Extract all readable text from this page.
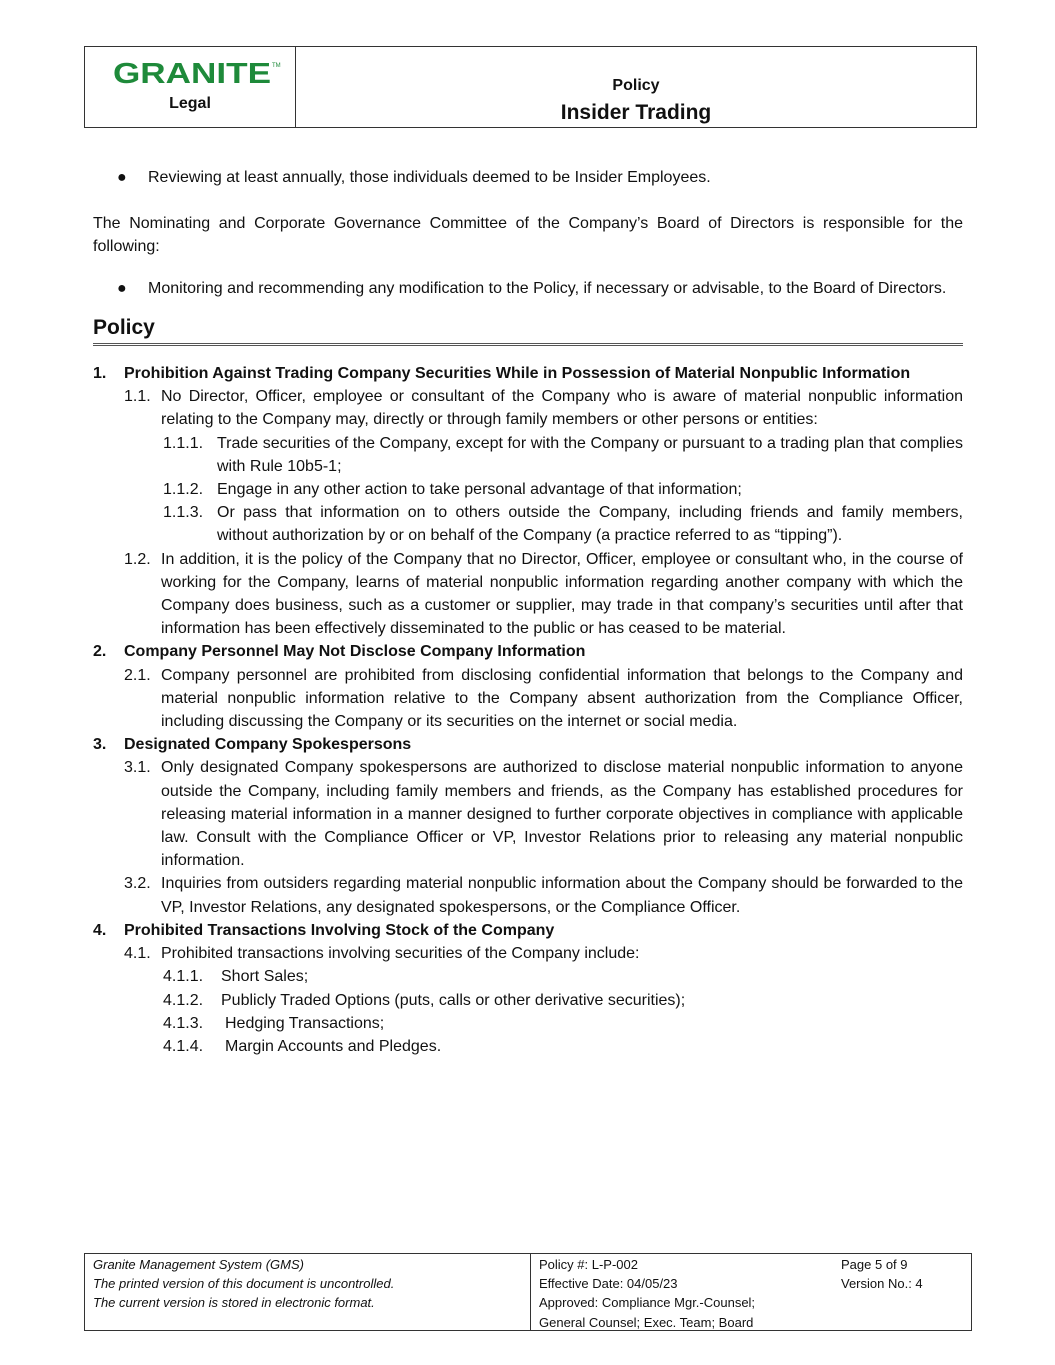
GRANITE TM
Legal
Policy
Insider Trading
● Reviewing at least annually, those individuals deemed to be Insider Employees.

The Nominating and Corporate Governance Committee of the Company’s Board of Directors is responsible for the following:

● Monitoring and recommending any modification to the Policy, if necessary or advisable, to the Board of Directors.
Policy
1. Prohibition Against Trading Company Securities While in Possession of Material Nonpublic Information
1.1. No Director, Officer, employee or consultant of the Company who is aware of material nonpublic information relating to the Company may, directly or through family members or other persons or entities:
1.1.1. Trade securities of the Company, except for with the Company or pursuant to a trading plan that complies with Rule 10b5-1;
1.1.2. Engage in any other action to take personal advantage of that information;
1.1.3. Or pass that information on to others outside the Company, including friends and family members, without authorization by or on behalf of the Company (a practice referred to as “tipping”).
1.2. In addition, it is the policy of the Company that no Director, Officer, employee or consultant who, in the course of working for the Company, learns of material nonpublic information regarding another company with which the Company does business, such as a customer or supplier, may trade in that company’s securities until after that information has been effectively disseminated to the public or has ceased to be material.
2. Company Personnel May Not Disclose Company Information
2.1. Company personnel are prohibited from disclosing confidential information that belongs to the Company and material nonpublic information relative to the Company absent authorization from the Compliance Officer, including discussing the Company or its securities on the internet or social media.
3. Designated Company Spokespersons
3.1. Only designated Company spokespersons are authorized to disclose material nonpublic information to anyone outside the Company, including family members and friends, as the Company has established procedures for releasing material information in a manner designed to further corporate objectives in compliance with applicable law. Consult with the Compliance Officer or VP, Investor Relations prior to releasing any material nonpublic information.
3.2. Inquiries from outsiders regarding material nonpublic information about the Company should be forwarded to the VP, Investor Relations, any designated spokespersons, or the Compliance Officer.
4. Prohibited Transactions Involving Stock of the Company
4.1. Prohibited transactions involving securities of the Company include:
4.1.1. Short Sales;
4.1.2. Publicly Traded Options (puts, calls or other derivative securities);
4.1.3. Hedging Transactions;
4.1.4. Margin Accounts and Pledges.
Granite Management System (GMS)
The printed version of this document is uncontrolled.
The current version is stored in electronic format.
Policy #: L-P-002
Effective Date: 04/05/23
Approved: Compliance Mgr.-Counsel;
General Counsel; Exec. Team; Board
Page 5 of 9
Version No.: 4
